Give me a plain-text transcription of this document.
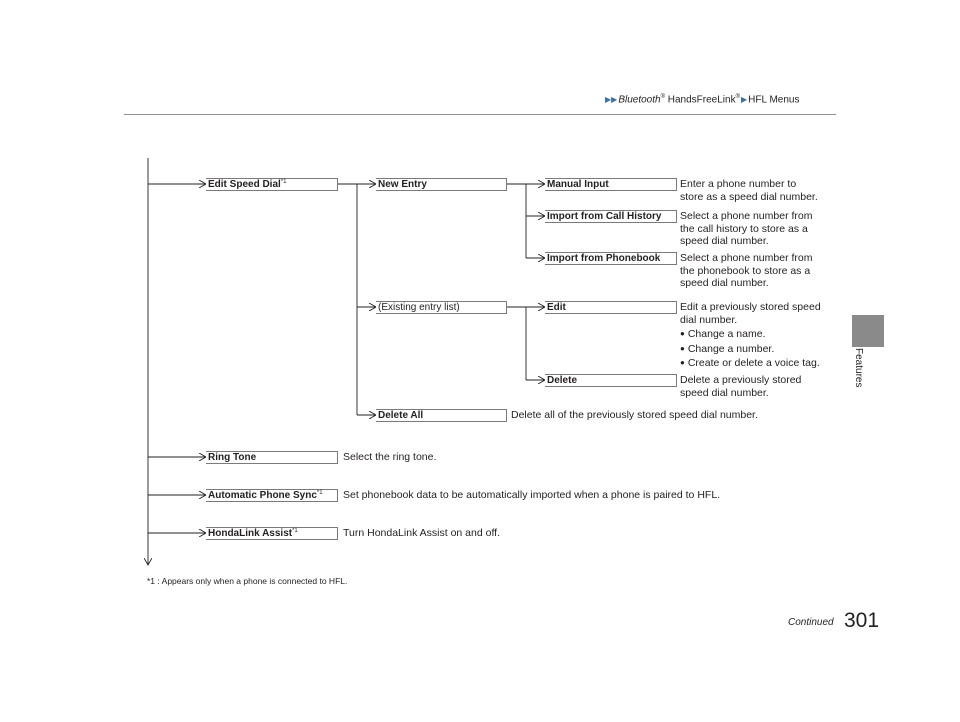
▶▶Bluetooth® HandsFreeLink®▶HFL Menus
Features
Edit Speed Dial$^{*1}$
Ring Tone
Automatic Phone Sync$^{*1}$
HondaLink Assist$^{*1}$
New Entry
(Existing entry list)
Delete All
Manual Input
Import from Call History
Import from Phonebook
Edit
Delete
Enter a phone number to
store as a speed dial number.
Select a phone number from
the call history to store as a
speed dial number.
Select a phone number from
the phonebook to store as a
speed dial number.
Edit a previously stored speed
dial number.
● Change a name.
● Change a number.
● Create or delete a voice tag.
Delete a previously stored
speed dial number.
Delete all of the previously stored speed dial number.
Select the ring tone.
Set phonebook data to be automatically imported when a phone is paired to HFL.
Turn HondaLink Assist on and off.
*1 : Appears only when a phone is connected to HFL.
Continued 301
